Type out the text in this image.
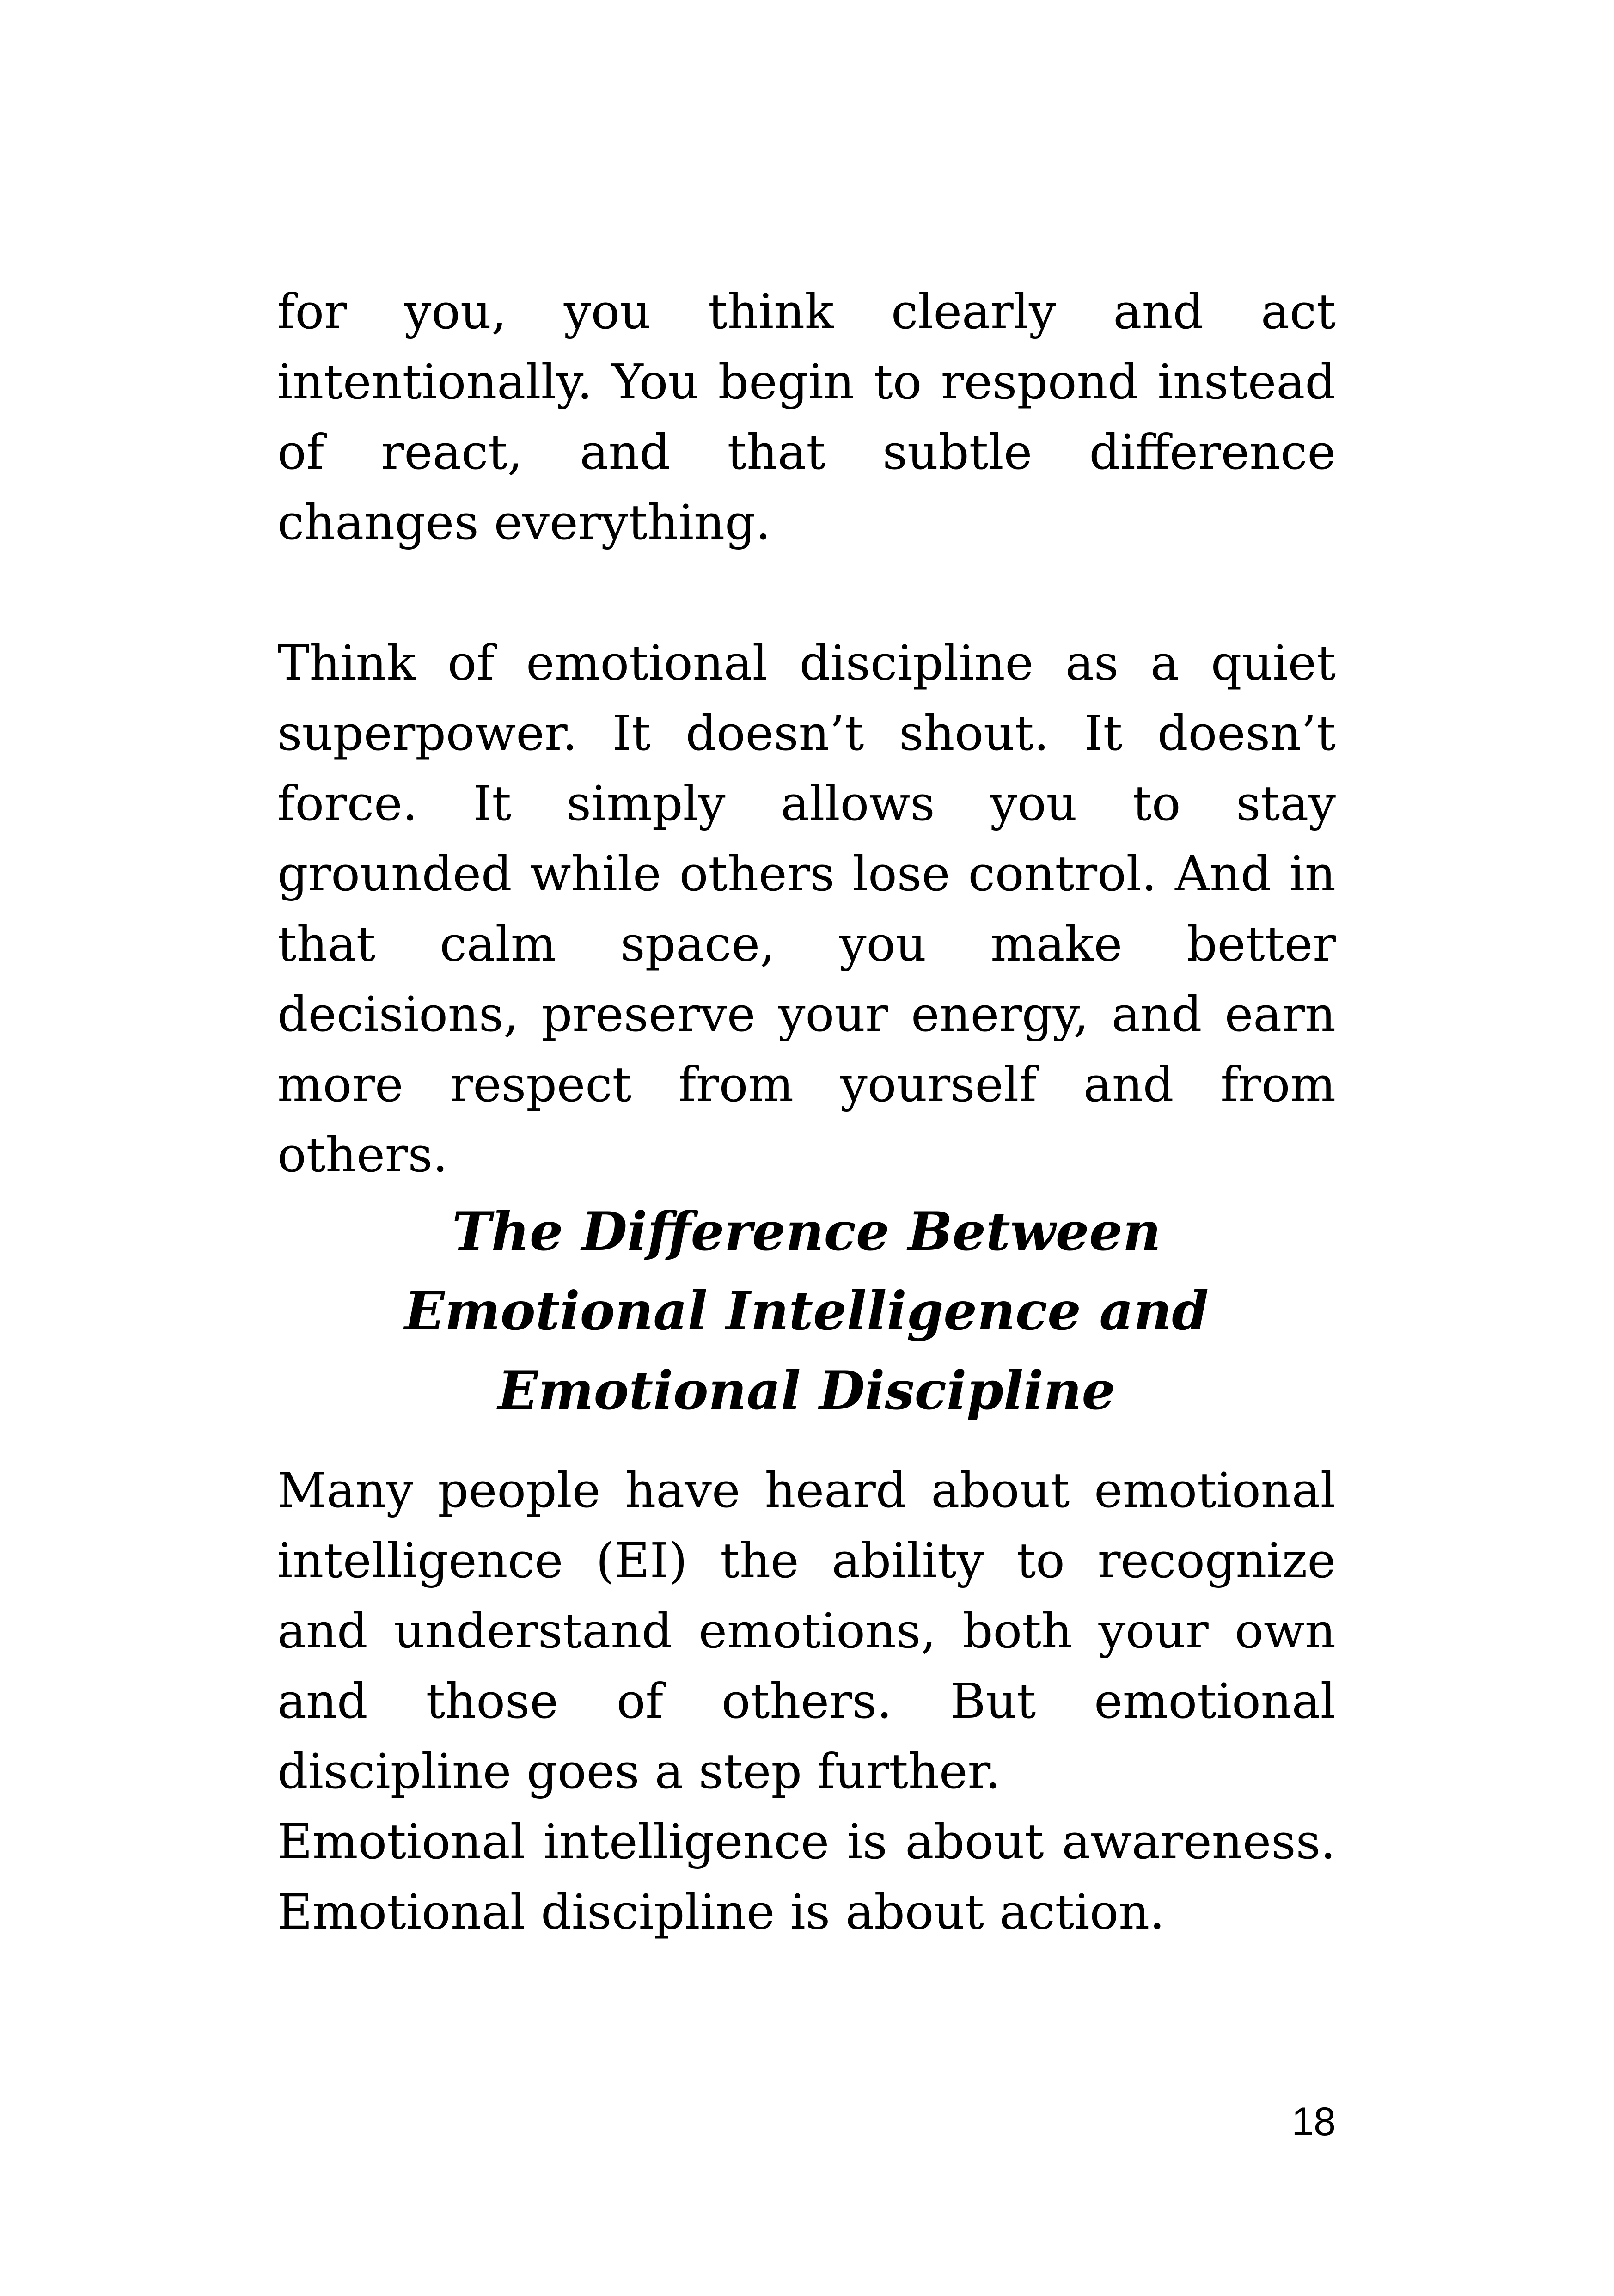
for you, you think clearly and act intentionally. You begin to respond instead of react, and that subtle difference changes everything.

Think of emotional discipline as a quiet superpower. It doesn’t shout. It doesn’t force. It simply allows you to stay grounded while others lose control. And in that calm space, you make better decisions, preserve your energy, and earn more respect from yourself and from others.

The Difference Between
Emotional Intelligence and
Emotional Discipline

Many people have heard about emotional intelligence (EI) the ability to recognize and understand emotions, both your own and those of others. But emotional discipline goes a step further.

Emotional intelligence is about awareness. Emotional discipline is about action.

18
